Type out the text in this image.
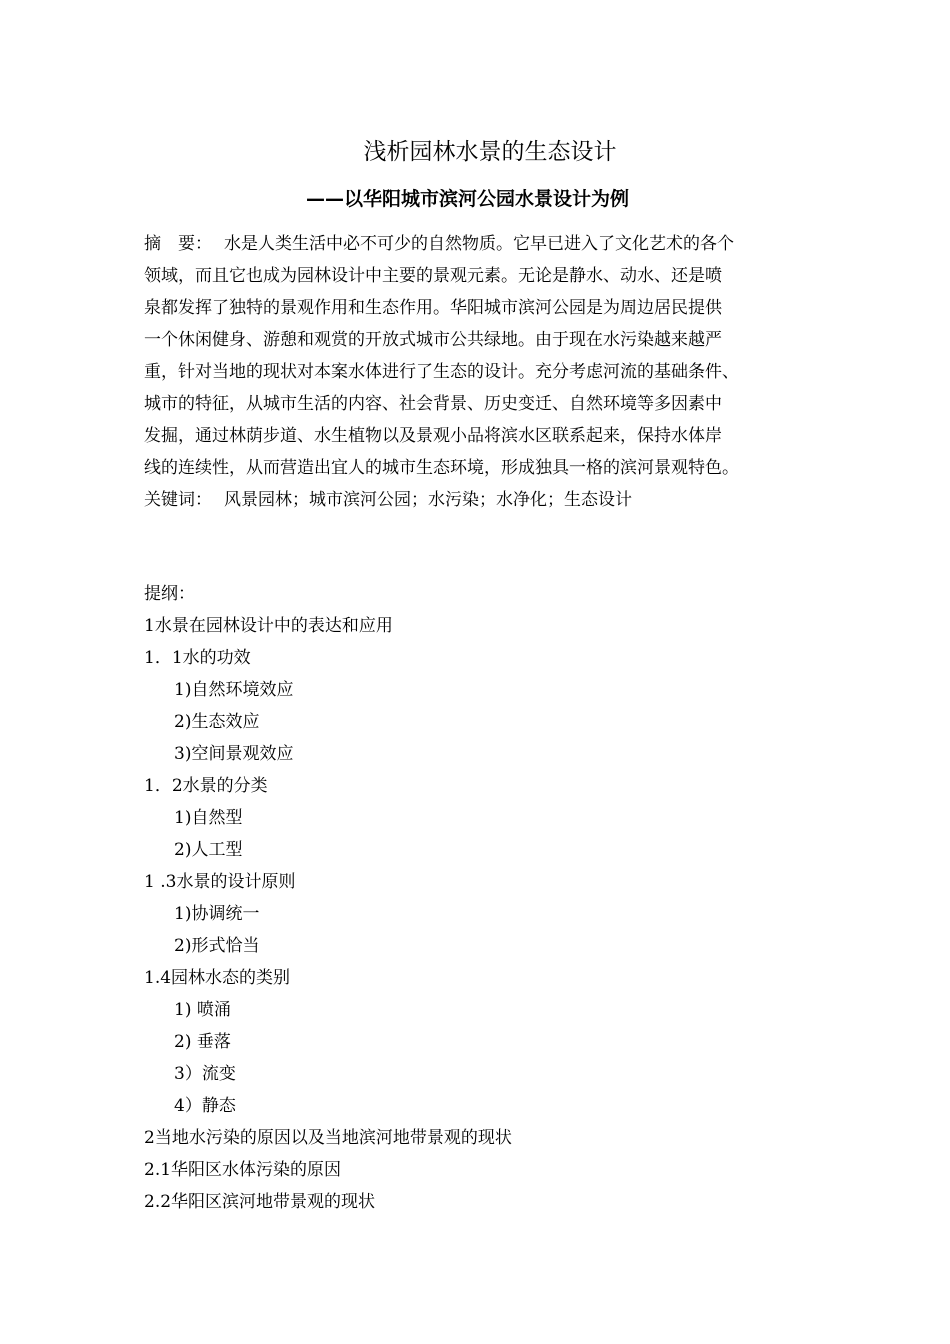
浅析园林水景的生态设计
——以华阳城市滨河公园水景设计为例
摘　要： 水是人类生活中必不可少的自然物质。它早已进入了文化艺术的各个
领域，而且它也成为园林设计中主要的景观元素。无论是静水、动水、还是喷
泉都发挥了独特的景观作用和生态作用。华阳城市滨河公园是为周边居民提供
一个休闲健身、游憩和观赏的开放式城市公共绿地。由于现在水污染越来越严
重，针对当地的现状对本案水体进行了生态的设计。充分考虑河流的基础条件、
城市的特征，从城市生活的内容、社会背景、历史变迁、自然环境等多因素中
发掘，通过林荫步道、水生植物以及景观小品将滨水区联系起来，保持水体岸
线的连续性，从而营造出宜人的城市生态环境，形成独具一格的滨河景观特色。
关键词： 风景园林；城市滨河公园；水污染；水净化；生态设计
提纲：
1水景在园林设计中的表达和应用
1．1水的功效
1)自然环境效应
2)生态效应
3)空间景观效应
1．2水景的分类
1)自然型
2)人工型
1 .3水景的设计原则
1)协调统一
2)形式恰当
1.4园林水态的类别
1) 喷涌
2) 垂落
3）流变
4）静态
2当地水污染的原因以及当地滨河地带景观的现状
2.1华阳区水体污染的原因
2.2华阳区滨河地带景观的现状
